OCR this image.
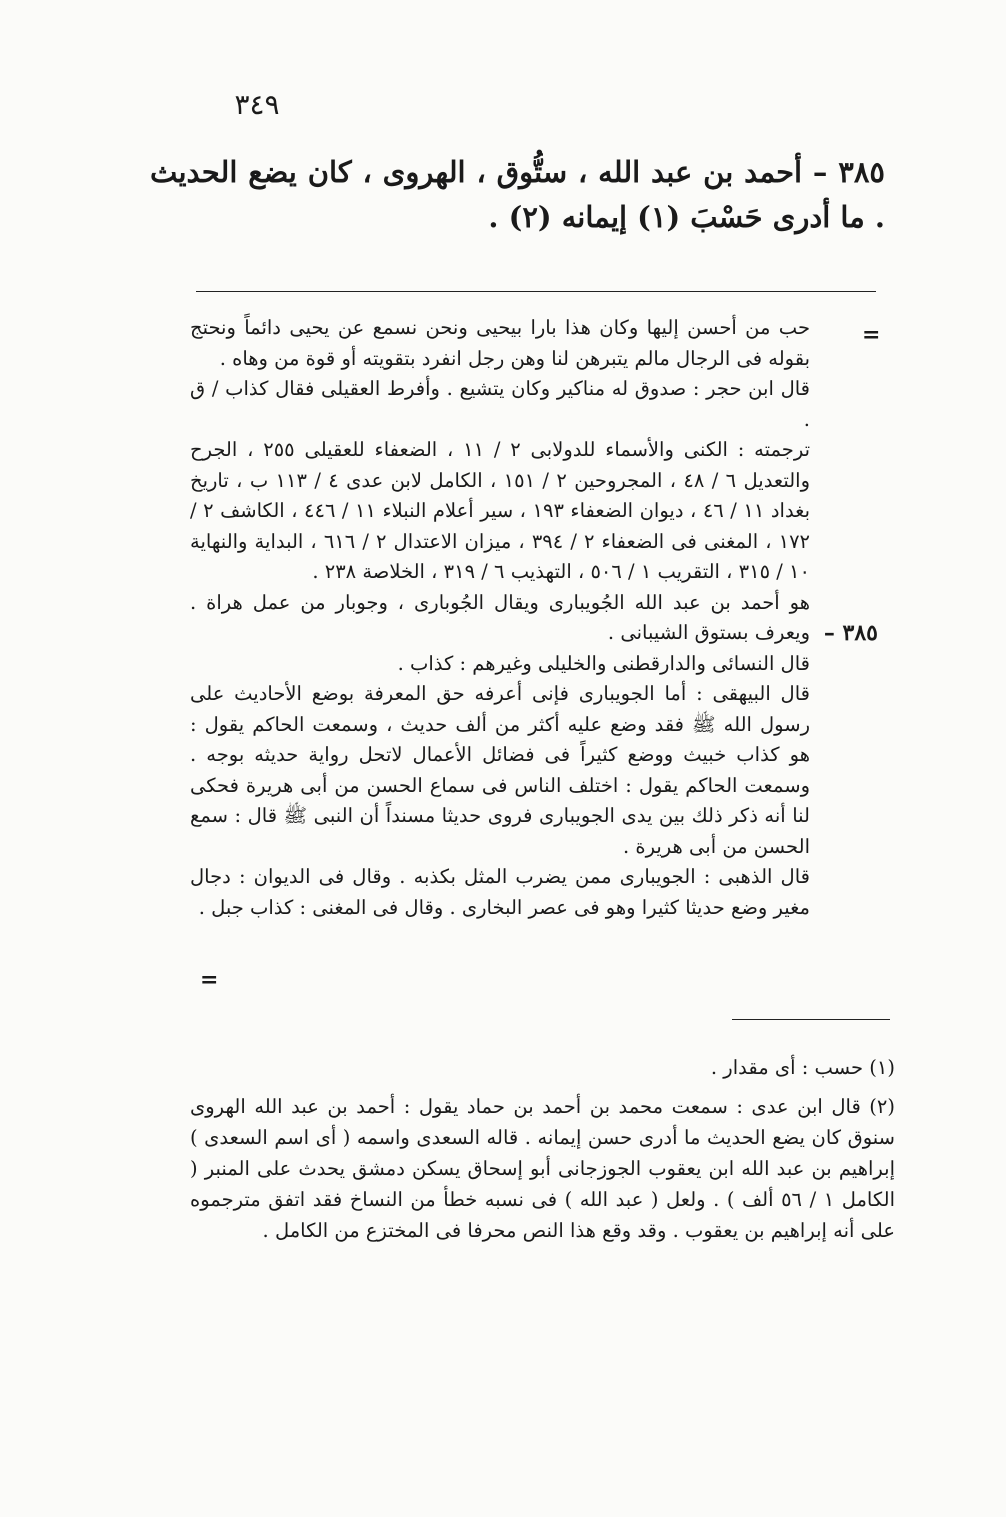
٣٤٩
٣٨٥ – أحمد بن عبد الله ، ستُّوق ، الهروى ، كان يضع الحديث . ما أدرى حَسْبَ (١) إيمانه (٢) .
=

حب من أحسن إليها وكان هذا بارا بيحيى ونحن نسمع عن يحيى دائماً ونحتج بقوله فى الرجال مالم يتبرهن لنا وهن رجل انفرد بتقويته أو قوة من وهاه .

قال ابن حجر : صدوق له مناكير وكان يتشيع . وأفرط العقيلى فقال كذاب / ق .

ترجمته : الكنى والأسماء للدولابى ٢ / ١١ ، الضعفاء للعقيلى ٢٥٥ ، الجرح والتعديل ٦ / ٤٨ ، المجروحين ٢ / ١٥١ ، الكامل لابن عدى ٤ / ١١٣ ب ، تاريخ بغداد ١١ / ٤٦ ، ديوان الضعفاء ١٩٣ ، سير أعلام النبلاء ١١ / ٤٤٦ ، الكاشف ٢ / ١٧٢ ، المغنى فى الضعفاء ٢ / ٣٩٤ ، ميزان الاعتدال ٢ / ٦١٦ ، البداية والنهاية ١٠ / ٣١٥ ، التقريب ١ / ٥٠٦ ، التهذيب ٦ / ٣١٩ ، الخلاصة ٢٣٨ .

هو أحمد بن عبد الله الجُويبارى ويقال الجُوبارى ، وجوبار من عمل هراة . ويعرف بستوق الشيبانى .

قال النسائى والدارقطنى والخليلى وغيرهم : كذاب .

قال البيهقى : أما الجويبارى فإنى أعرفه حق المعرفة بوضع الأحاديث على رسول الله ﷺ فقد وضع عليه أكثر من ألف حديث ، وسمعت الحاكم يقول : هو كذاب خبيث ووضع كثيراً فى فضائل الأعمال لاتحل رواية حديثه بوجه . وسمعت الحاكم يقول : اختلف الناس فى سماع الحسن من أبى هريرة فحكى لنا أنه ذكر ذلك بين يدى الجويبارى فروى حديثا مسنداً أن النبى ﷺ قال : سمع الحسن من أبى هريرة .

قال الذهبى : الجويبارى ممن يضرب المثل بكذبه . وقال فى الديوان : دجال مغير وضع حديثا كثيرا وهو فى عصر البخارى . وقال فى المغنى : كذاب جبل .

٣٨٥ –
=

(١) حسب : أى مقدار .

(٢) قال ابن عدى : سمعت محمد بن أحمد بن حماد يقول : أحمد بن عبد الله الهروى سنوق كان يضع الحديث ما أدرى حسن إيمانه . قاله السعدى واسمه ( أى اسم السعدى ) إبراهيم بن عبد الله ابن يعقوب الجوزجانى أبو إسحاق يسكن دمشق يحدث على المنبر ( الكامل ١ / ٥٦ ألف ) . ولعل ( عبد الله ) فى نسبه خطأ من النساخ فقد اتفق مترجموه على أنه إبراهيم بن يعقوب . وقد وقع هذا النص محرفا فى المختزع من الكامل .
